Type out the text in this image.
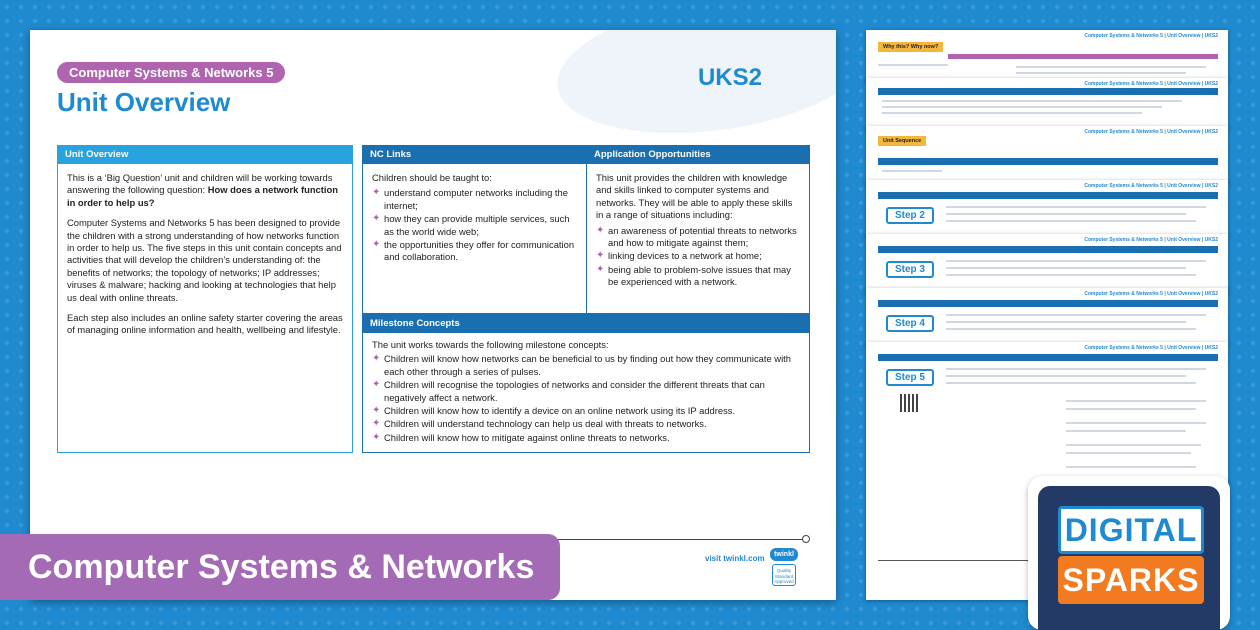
Computer Systems & Networks 5
Unit Overview
UKS2
Unit Overview

This is a ‘Big Question’ unit and children will be working towards answering the following question: How does a network function in order to help us?

Computer Systems and Networks 5 has been designed to provide the children with a strong understanding of how networks function in order to help us. The five steps in this unit contain concepts and activities that will develop the children’s understanding of: the benefits of networks; the topology of networks; IP addresses; viruses & malware; hacking and looking at technologies that help us deal with online threats.

Each step also includes an online safety starter covering the areas of managing online information and health, wellbeing and lifestyle.

NC Links

Children should be taught to:

✦ understand computer networks including the internet;
✦ how they can provide multiple services, such as the world wide web;
✦ the opportunities they offer for communication and collaboration.
Application Opportunities

This unit provides the children with knowledge and skills linked to computer systems and networks. They will be able to apply these skills in a range of situations including:

✦ an awareness of potential threats to networks and how to mitigate against them;
✦ linking devices to a network at home;
✦ being able to problem-solve issues that may be experienced with a network.
Milestone Concepts

The unit works towards the following milestone concepts:

✦ Children will know how networks can be beneficial to us by finding out how they communicate with each other through a series of pulses.
✦ Children will recognise the topologies of networks and consider the different threats that can negatively affect a network.
✦ Children will know how to identify a device on an online network using its IP address.
✦ Children will understand technology can help us deal with threats to networks.
✦ Children will know how to mitigate against online threats to networks.
visit twinkl.com	twinkl
Quality Standard Approved
Computer Systems & Networks
Computer Systems & Networks 5 | Unit Overview | UKS2
Why this? Why now?
Computer Systems & Networks 5 | Unit Overview | UKS2
Computer Systems & Networks 5 | Unit Overview | UKS2
Unit Sequence
Computer Systems & Networks 5 | Unit Overview | UKS2
Step 2
Computer Systems & Networks 5 | Unit Overview | UKS2
Step 3
Computer Systems & Networks 5 | Unit Overview | UKS2
Step 4
Computer Systems & Networks 5 | Unit Overview | UKS2
Step 5
DIGITAL
SPARKS
